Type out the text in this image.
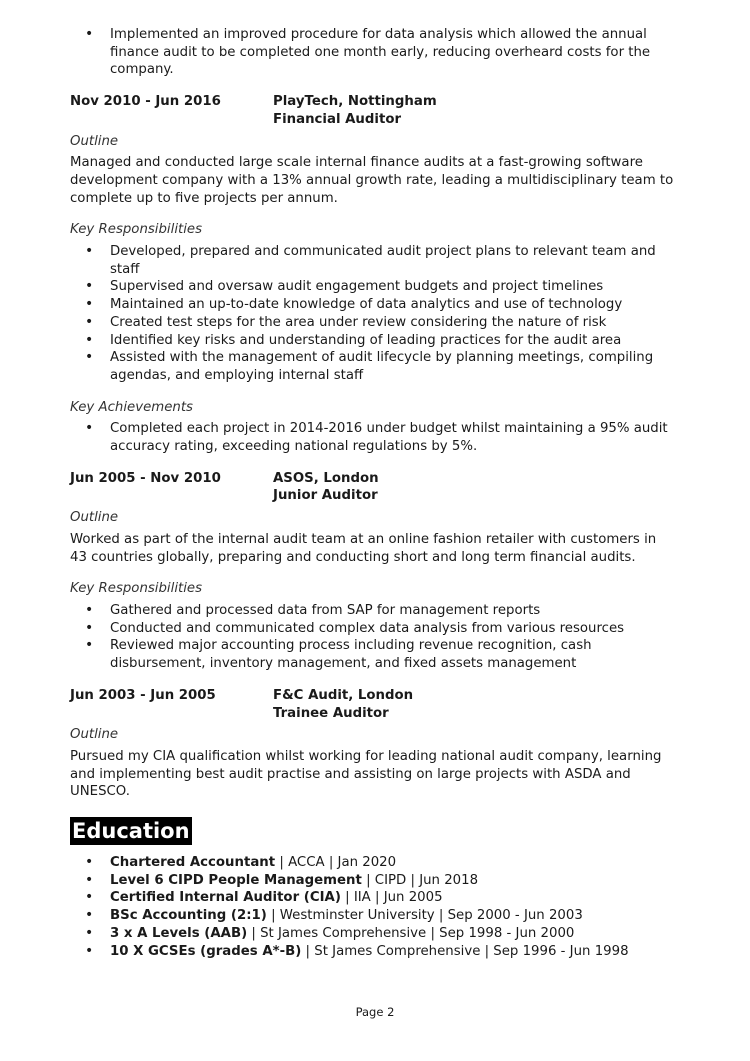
• Implemented an improved procedure for data analysis which allowed the annual finance audit to be completed one month early, reducing overheard costs for the company.
Nov 2010 - Jun 2016	PlayTech, Nottingham
Financial Auditor
Outline
Managed and conducted large scale internal finance audits at a fast-growing software development company with a 13% annual growth rate, leading a multidisciplinary team to complete up to five projects per annum.
Key Responsibilities
• Developed, prepared and communicated audit project plans to relevant team and staff
• Supervised and oversaw audit engagement budgets and project timelines
• Maintained an up-to-date knowledge of data analytics and use of technology
• Created test steps for the area under review considering the nature of risk
• Identified key risks and understanding of leading practices for the audit area
• Assisted with the management of audit lifecycle by planning meetings, compiling agendas, and employing internal staff
Key Achievements
• Completed each project in 2014-2016 under budget whilst maintaining a 95% audit accuracy rating, exceeding national regulations by 5%.
Jun 2005 - Nov 2010	ASOS, London
Junior Auditor
Outline
Worked as part of the internal audit team at an online fashion retailer with customers in 43 countries globally, preparing and conducting short and long term financial audits.
Key Responsibilities
• Gathered and processed data from SAP for management reports
• Conducted and communicated complex data analysis from various resources
• Reviewed major accounting process including revenue recognition, cash disbursement, inventory management, and fixed assets management
Jun 2003 - Jun 2005	F&C Audit, London
Trainee Auditor
Outline
Pursued my CIA qualification whilst working for leading national audit company, learning and implementing best audit practise and assisting on large projects with ASDA and UNESCO.
Education
• Chartered Accountant | ACCA | Jan 2020
• Level 6 CIPD People Management | CIPD | Jun 2018
• Certified Internal Auditor (CIA) | IIA | Jun 2005
• BSc Accounting (2:1) | Westminster University | Sep 2000 - Jun 2003
• 3 x A Levels (AAB) | St James Comprehensive | Sep 1998 - Jun 2000
• 10 X GCSEs (grades A*-B) | St James Comprehensive | Sep 1996 - Jun 1998
Page 2
